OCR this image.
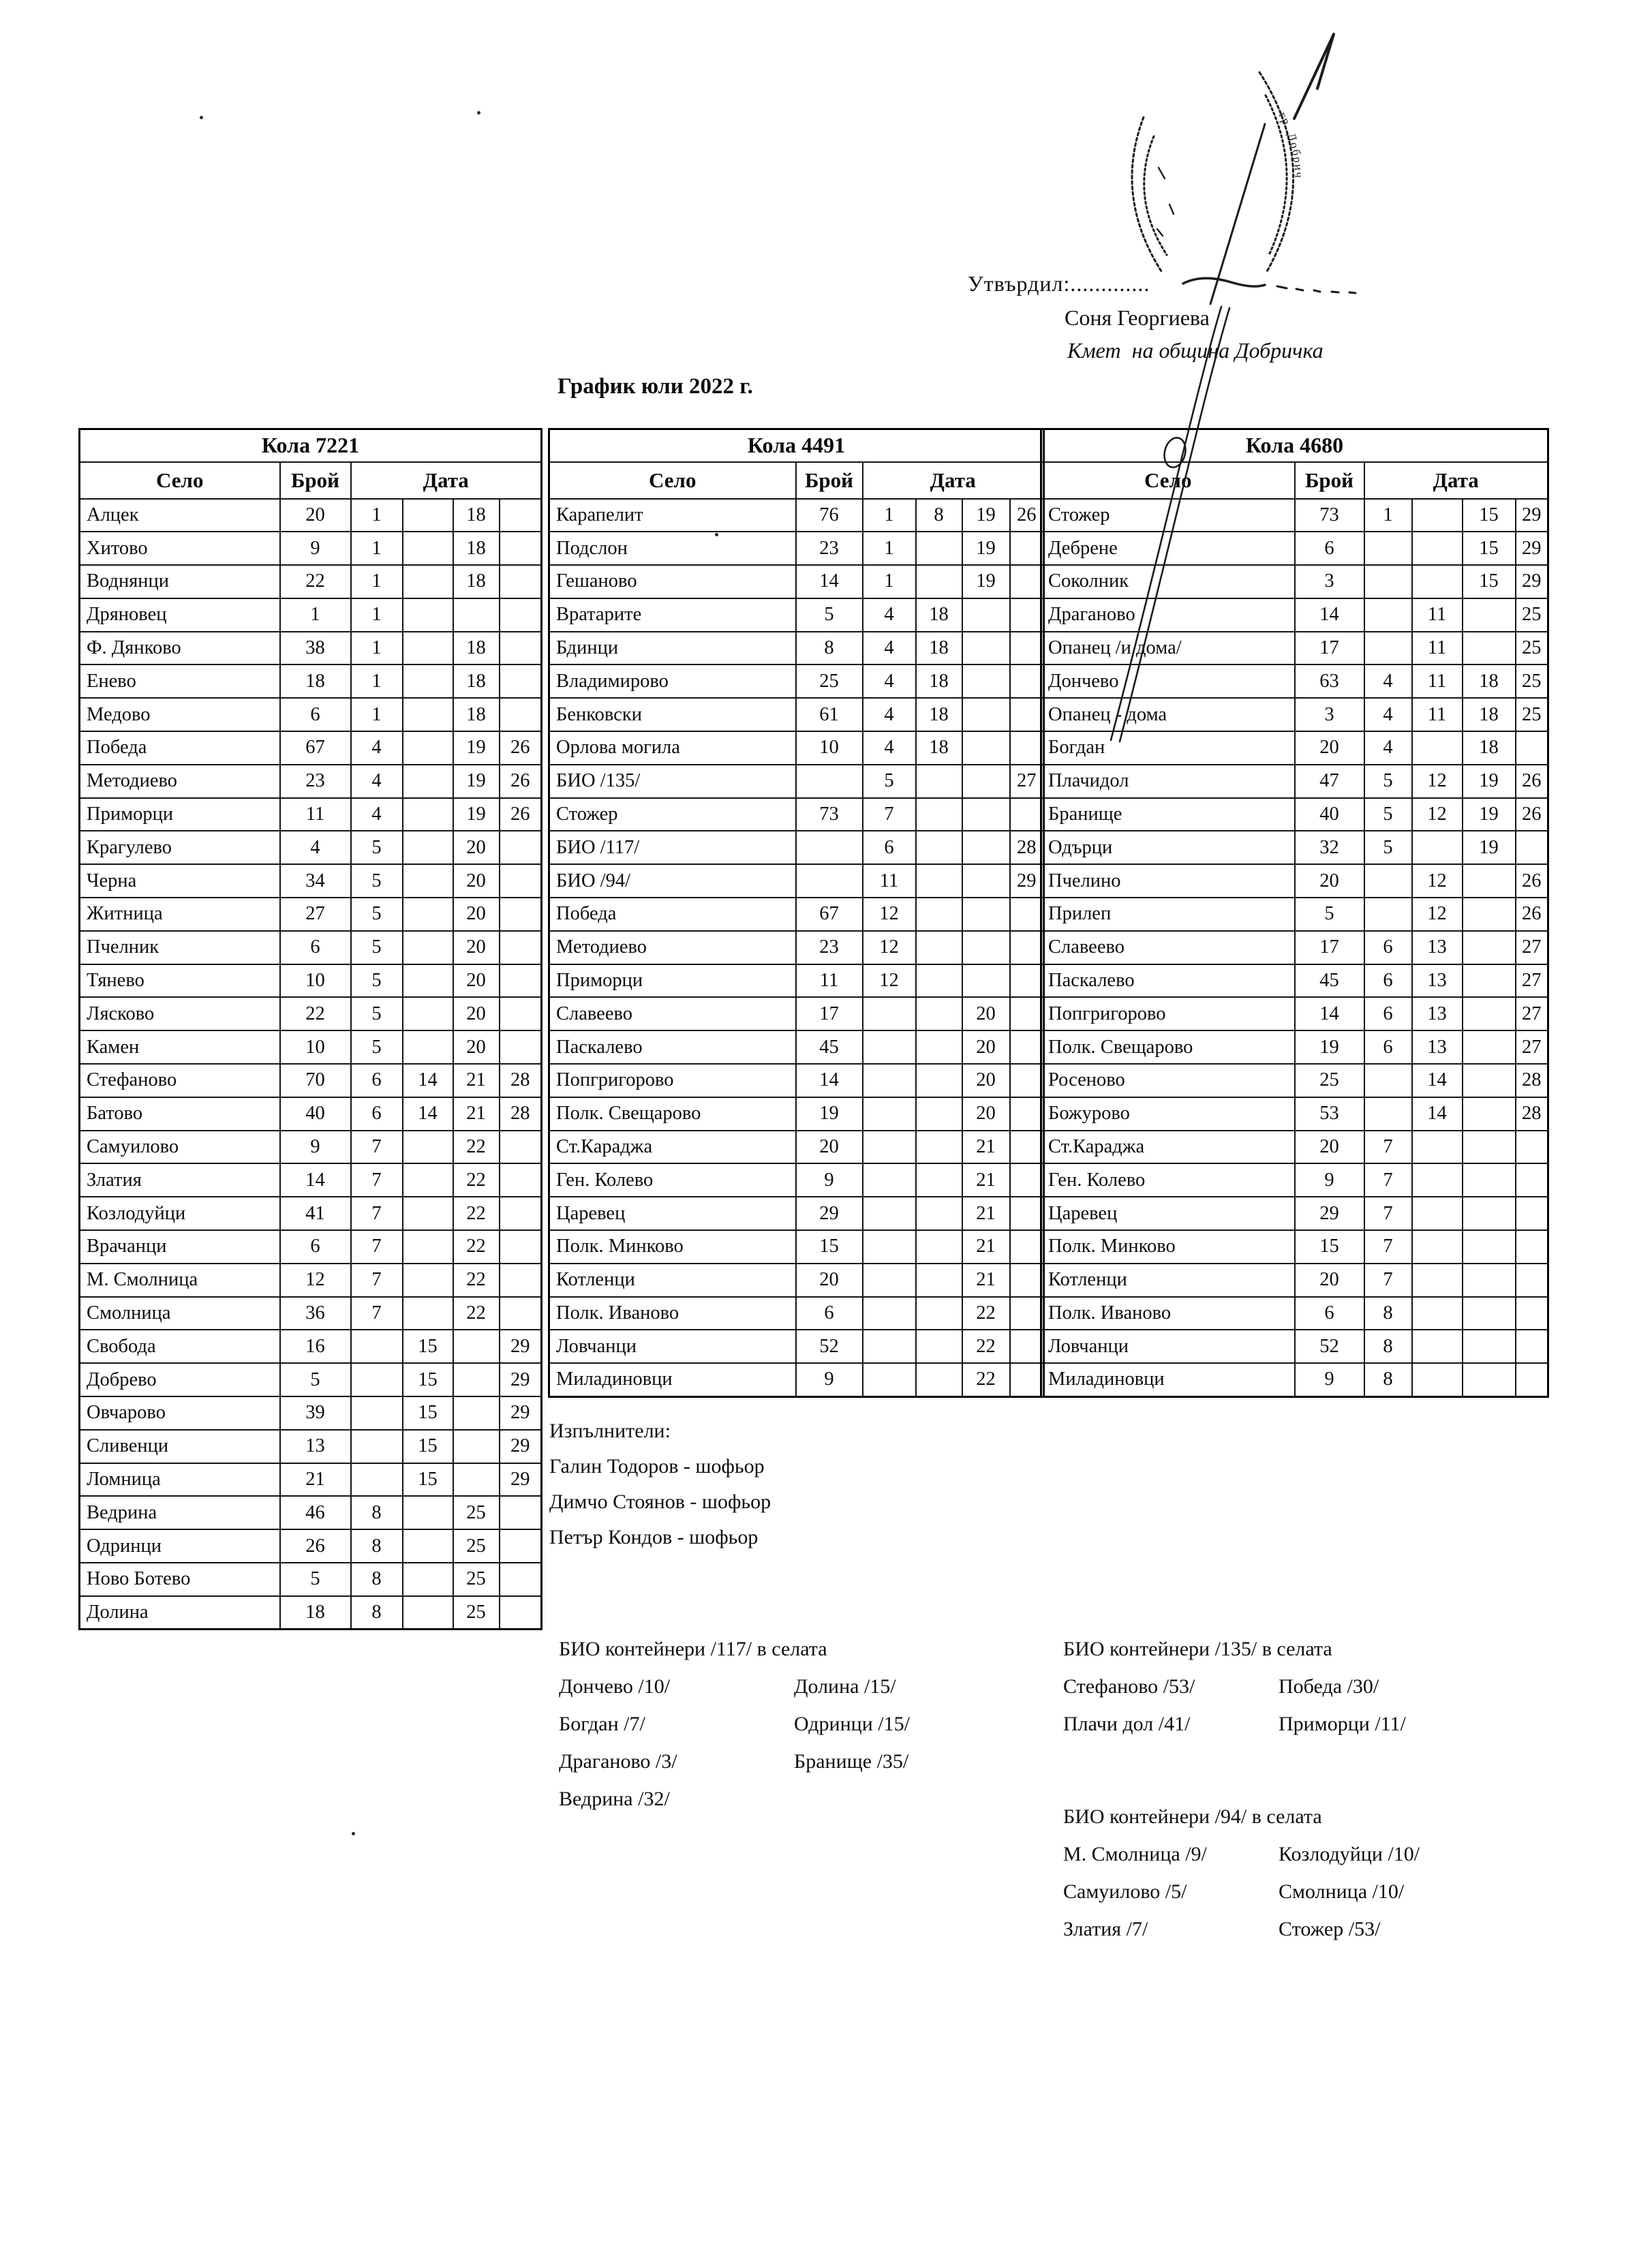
Утвърдил:.............
Соня Георгиева
Кмет  на община Добричка
График юли 2022 г.
Кола 7221					
Село	Брой	Дата			
Алцек	20	1		18	
Хитово	9	1		18	
Воднянци	22	1		18	
Дряновец	1	1			
Ф. Дянково	38	1		18	
Енево	18	1		18	
Медово	6	1		18	
Победа	67	4		19	26
Методиево	23	4		19	26
Приморци	11	4		19	26
Крагулево	4	5		20	
Черна	34	5		20	
Житница	27	5		20	
Пчелник	6	5		20	
Тянево	10	5		20	
Лясково	22	5		20	
Камен	10	5		20	
Стефаново	70	6	14	21	28
Батово	40	6	14	21	28
Самуилово	9	7		22	
Златия	14	7		22	
Козлодуйци	41	7		22	
Врачанци	6	7		22	
М. Смолница	12	7		22	
Смолница	36	7		22	
Свобода	16		15		29
Добрево	5		15		29
Овчарово	39		15		29
Сливенци	13		15		29
Ломница	21		15		29
Ведрина	46	8		25	
Одринци	26	8		25	
Ново Ботево	5	8		25	
Долина	18	8		25	
Кола 4491					
Село	Брой	Дата			
Карапелит	76	1	8	19	26
Подслон	23	1		19	
Гешаново	14	1		19	
Вратарите	5	4	18		
Бдинци	8	4	18		
Владимирово	25	4	18		
Бенковски	61	4	18		
Орлова могила	10	4	18		
БИО /135/		5			27
Стожер	73	7			
БИО /117/		6			28
БИО /94/		11			29
Победа	67	12			
Методиево	23	12			
Приморци	11	12			
Славеево	17			20	
Паскалево	45			20	
Попгригорово	14			20	
Полк. Свещарово	19			20	
Ст.Караджа	20			21	
Ген. Колево	9			21	
Царевец	29			21	
Полк. Минково	15			21	
Котленци	20			21	
Полк. Иваново	6			22	
Ловчанци	52			22	
Миладиновци	9			22	
Кола 4680					
Село	Брой	Дата			
Стожер	73	1		15	29
Дебрене	6			15	29
Соколник	3			15	29
Драганово	14		11		25
Опанец /и дома/	17		11		25
Дончево	63	4	11	18	25
Опанец - дома	3	4	11	18	25
Богдан	20	4		18	
Плачидол	47	5	12	19	26
Бранище	40	5	12	19	26
Одърци	32	5		19	
Пчелино	20		12		26
Прилеп	5		12		26
Славеево	17	6	13		27
Паскалево	45	6	13		27
Попгригорово	14	6	13		27
Полк. Свещарово	19	6	13		27
Росеново	25		14		28
Божурово	53		14		28
Ст.Караджа	20	7			
Ген. Колево	9	7			
Царевец	29	7			
Полк. Минково	15	7			
Котленци	20	7			
Полк. Иваново	6	8			
Ловчанци	52	8			
Миладиновци	9	8			
Изпълнители:
Галин Тодоров - шофьор
Димчо Стоянов - шофьор
Петър Кондов - шофьор
БИО контейнери /117/ в селата
Дончево /10/	Долина /15/
Богдан /7/	Одринци /15/
Драганово /3/	Бранище /35/
Ведрина /32/
БИО контейнери /135/ в селата
Стефаново /53/	Победа /30/
Плачи дол /41/	Приморци /11/
БИО контейнери /94/ в селата
М. Смолница /9/	Козлодуйци /10/
Самуилово /5/	Смолница /10/
Златия /7/	Стожер /53/
гр. Добрич
